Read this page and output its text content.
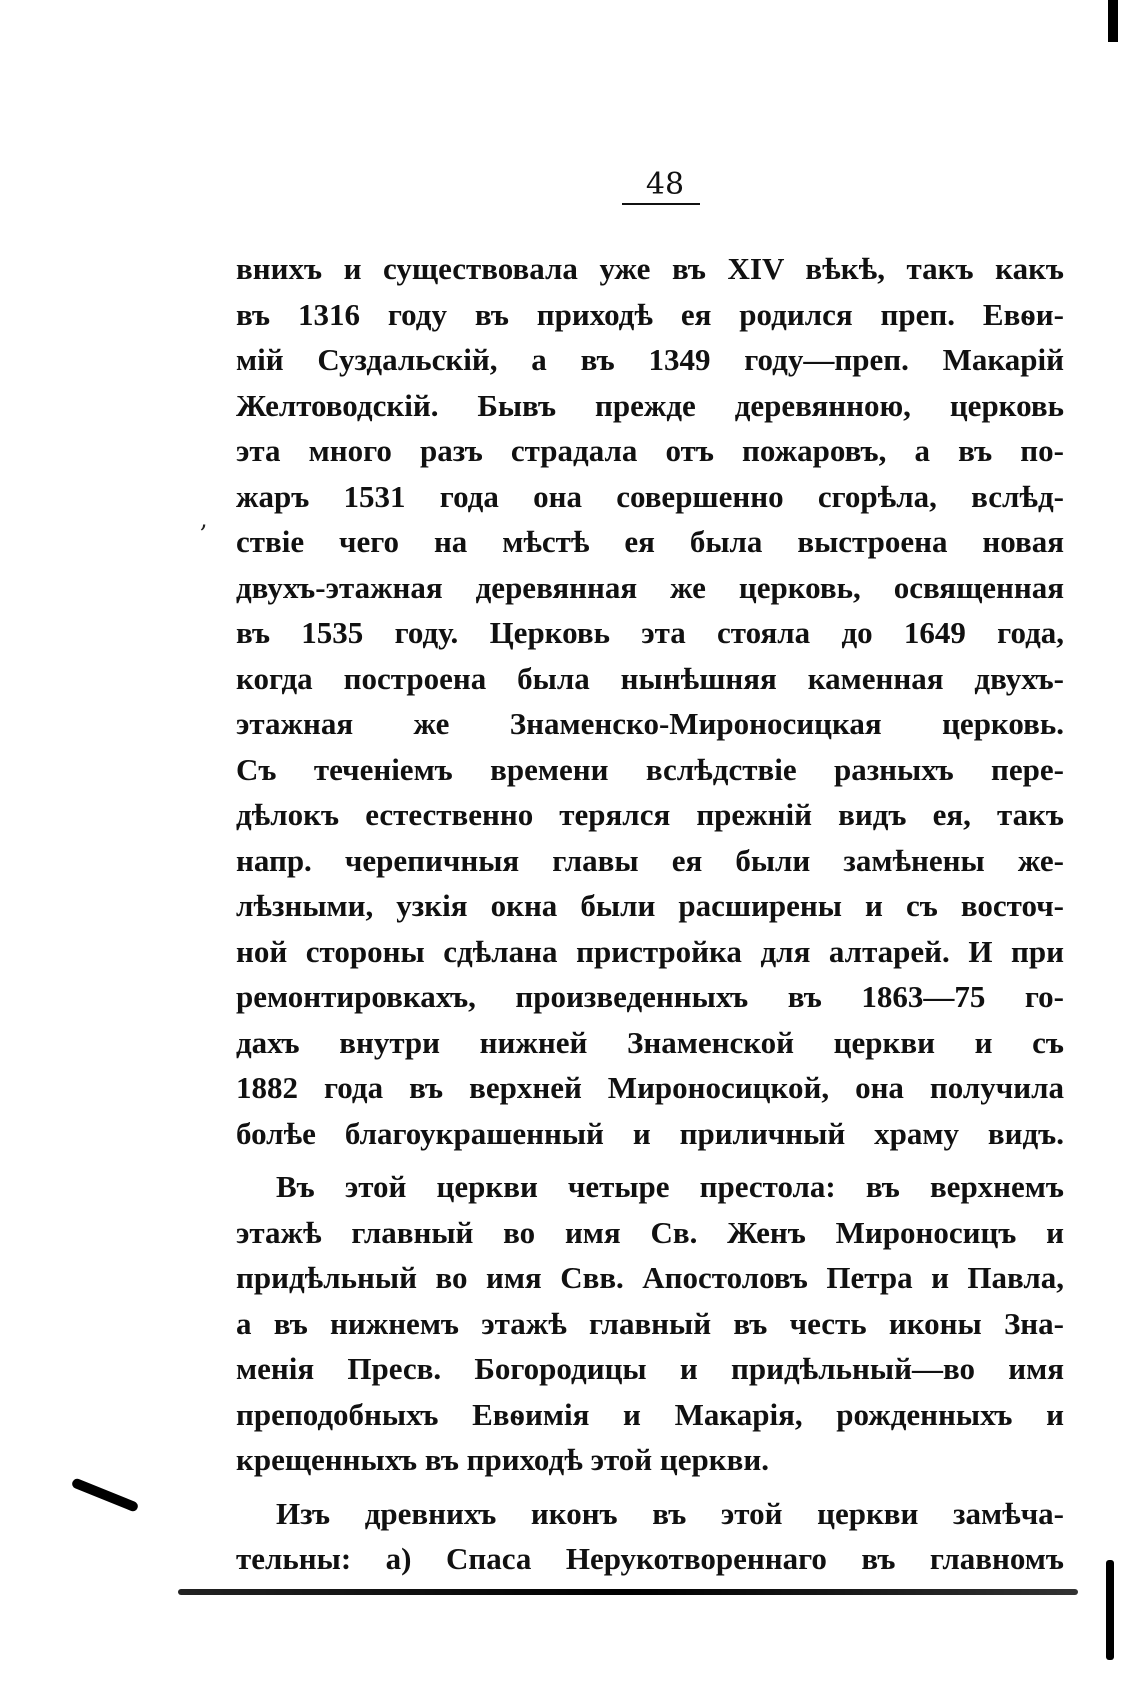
48
вниxъ и существовала уже въ XIV вѣкѣ, такъ какъ
въ 1316 году въ приходѣ ея родился преп. Евѳи-
мій Суздальскій, а въ 1349 году—преп. Макарій
Желтоводскій. Бывъ прежде деревянною, церковь
эта много разъ страдала отъ пожаровъ, а въ по-
жаръ 1531 года она совершенно сгорѣла, вслѣд-
ствіе чего на мѣстѣ ея была выстроена новая
двухъ-этажная деревянная же церковь, освященная
въ 1535 году. Церковь эта стояла до 1649 года,
когда построена была нынѣшняя каменная двухъ-
этажная же Знаменско-Мироносицкая церковь.
Съ теченіемъ времени вслѣдствіе разныхъ пере-
дѣлокъ естественно терялся прежній видъ ея, такъ
напр. черепичныя главы ея были замѣнены же-
лѣзными, узкія окна были расширены и съ восточ-
ной стороны сдѣлана пристройка для алтарей. И при
ремонтировкахъ, произведенныхъ въ 1863—75 го-
дахъ внутри нижней Знаменской церкви и съ
1882 года въ верхней Мироносицкой, она получила
болѣе благоукрашенный и приличный храму видъ.
Въ этой церкви четыре престола: въ верхнемъ
этажѣ главный во имя Св. Женъ Мироносицъ и
придѣльный во имя Свв. Апостоловъ Петра и Павла,
а въ нижнемъ этажѣ главный въ честь иконы Зна-
менія Пресв. Богородицы и придѣльный—во имя
преподобныхъ Евѳимія и Макарія, рожденныхъ и
крещенныхъ въ приходѣ этой церкви.
Изъ древнихъ иконъ въ этой церкви замѣча-
тельны: а) Спаса Нерукотвореннаго въ главномъ
,
